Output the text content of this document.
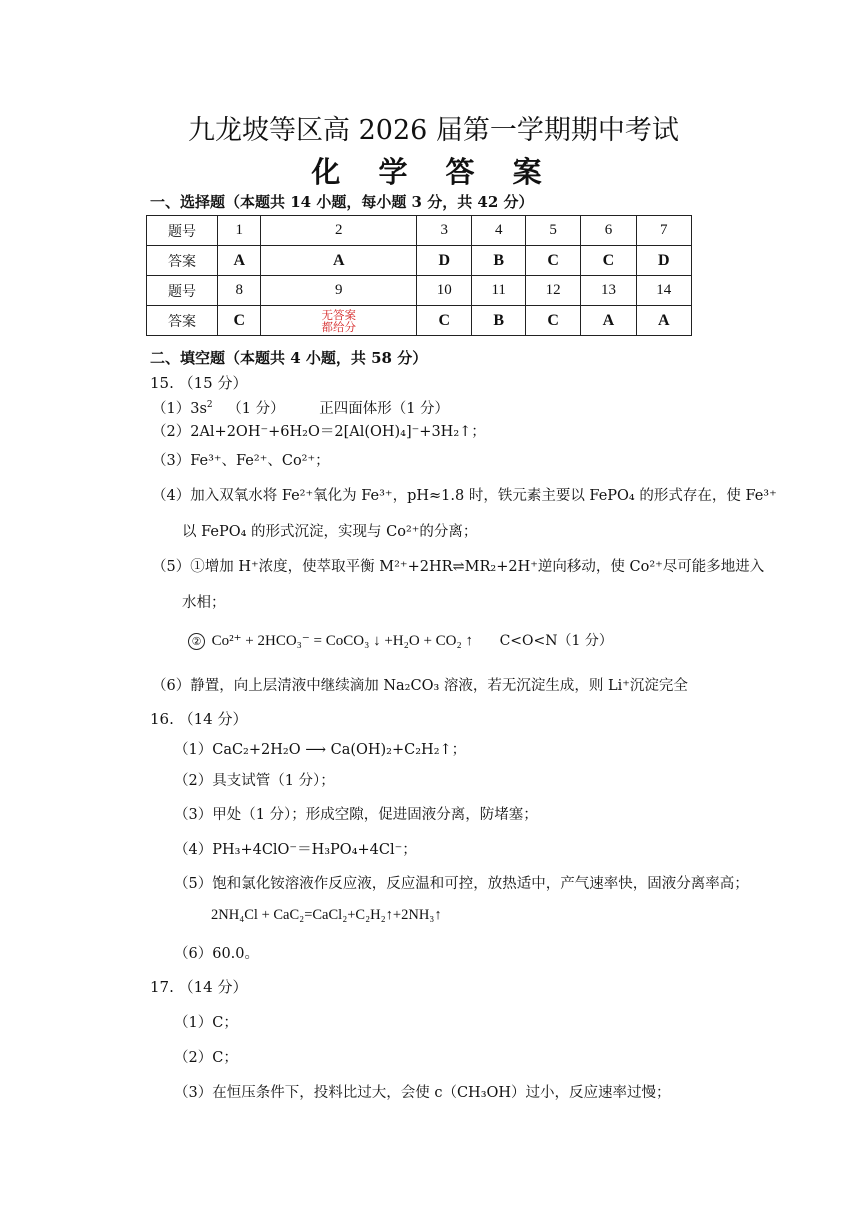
九龙坡等区高 2026 届第一学期期中考试
化 学 答 案
一、选择题（本题共 14 小题，每小题 3 分，共 42 分）
题号	1	2	3	4	5	6	7
答案	A	A	D	B	C	C	D
题号	8	9	10	11	12	13	14
答案	C	无答案都给分	C	B	C	A	A
二、填空题（本题共 4 小题，共 58 分）
15. （15 分）
$(1)3s^2$ （1 分） 正四面体形（1 分）
（2）2Al+2OH⁻+6H₂O＝2[Al(OH)₄]⁻+3H₂↑；
（3）Fe³⁺、Fe²⁺、Co²⁺；
（4）加入双氧水将 Fe²⁺氧化为 Fe³⁺，pH≈1.8 时，铁元素主要以 FePO₄ 的形式存在，使 Fe³⁺
以 FePO₄ 的形式沉淀，实现与 Co²⁺的分离；
（5）①增加 H⁺浓度，使萃取平衡 M²⁺+2HR⇌MR₂+2H⁺逆向移动，使 Co²⁺尽可能多地进入
水相；
② Co²⁺ + 2HCO₃⁻ = CoCO₃ ↓ +H₂O + CO₂ ↑ C<O<N（1 分）
（6）静置，向上层清液中继续滴加 Na₂CO₃ 溶液，若无沉淀生成，则 Li⁺沉淀完全
16. （14 分）
（1）CaC₂+2H₂O ⟶ Ca(OH)₂+C₂H₂↑；
（2）具支试管（1 分）；
（3）甲处（1 分）；形成空隙，促进固液分离，防堵塞；
（4）PH₃+4ClO⁻＝H₃PO₄+4Cl⁻；
（5）饱和氯化铵溶液作反应液，反应温和可控，放热适中，产气速率快，固液分离率高；
2NH₄Cl + CaC₂=CaCl₂+C₂H₂↑+2NH₃↑
（6）60.0。
17. （14 分）
（1）C；
（2）C；
（3）在恒压条件下，投料比过大，会使 c（CH₃OH）过小，反应速率过慢；
